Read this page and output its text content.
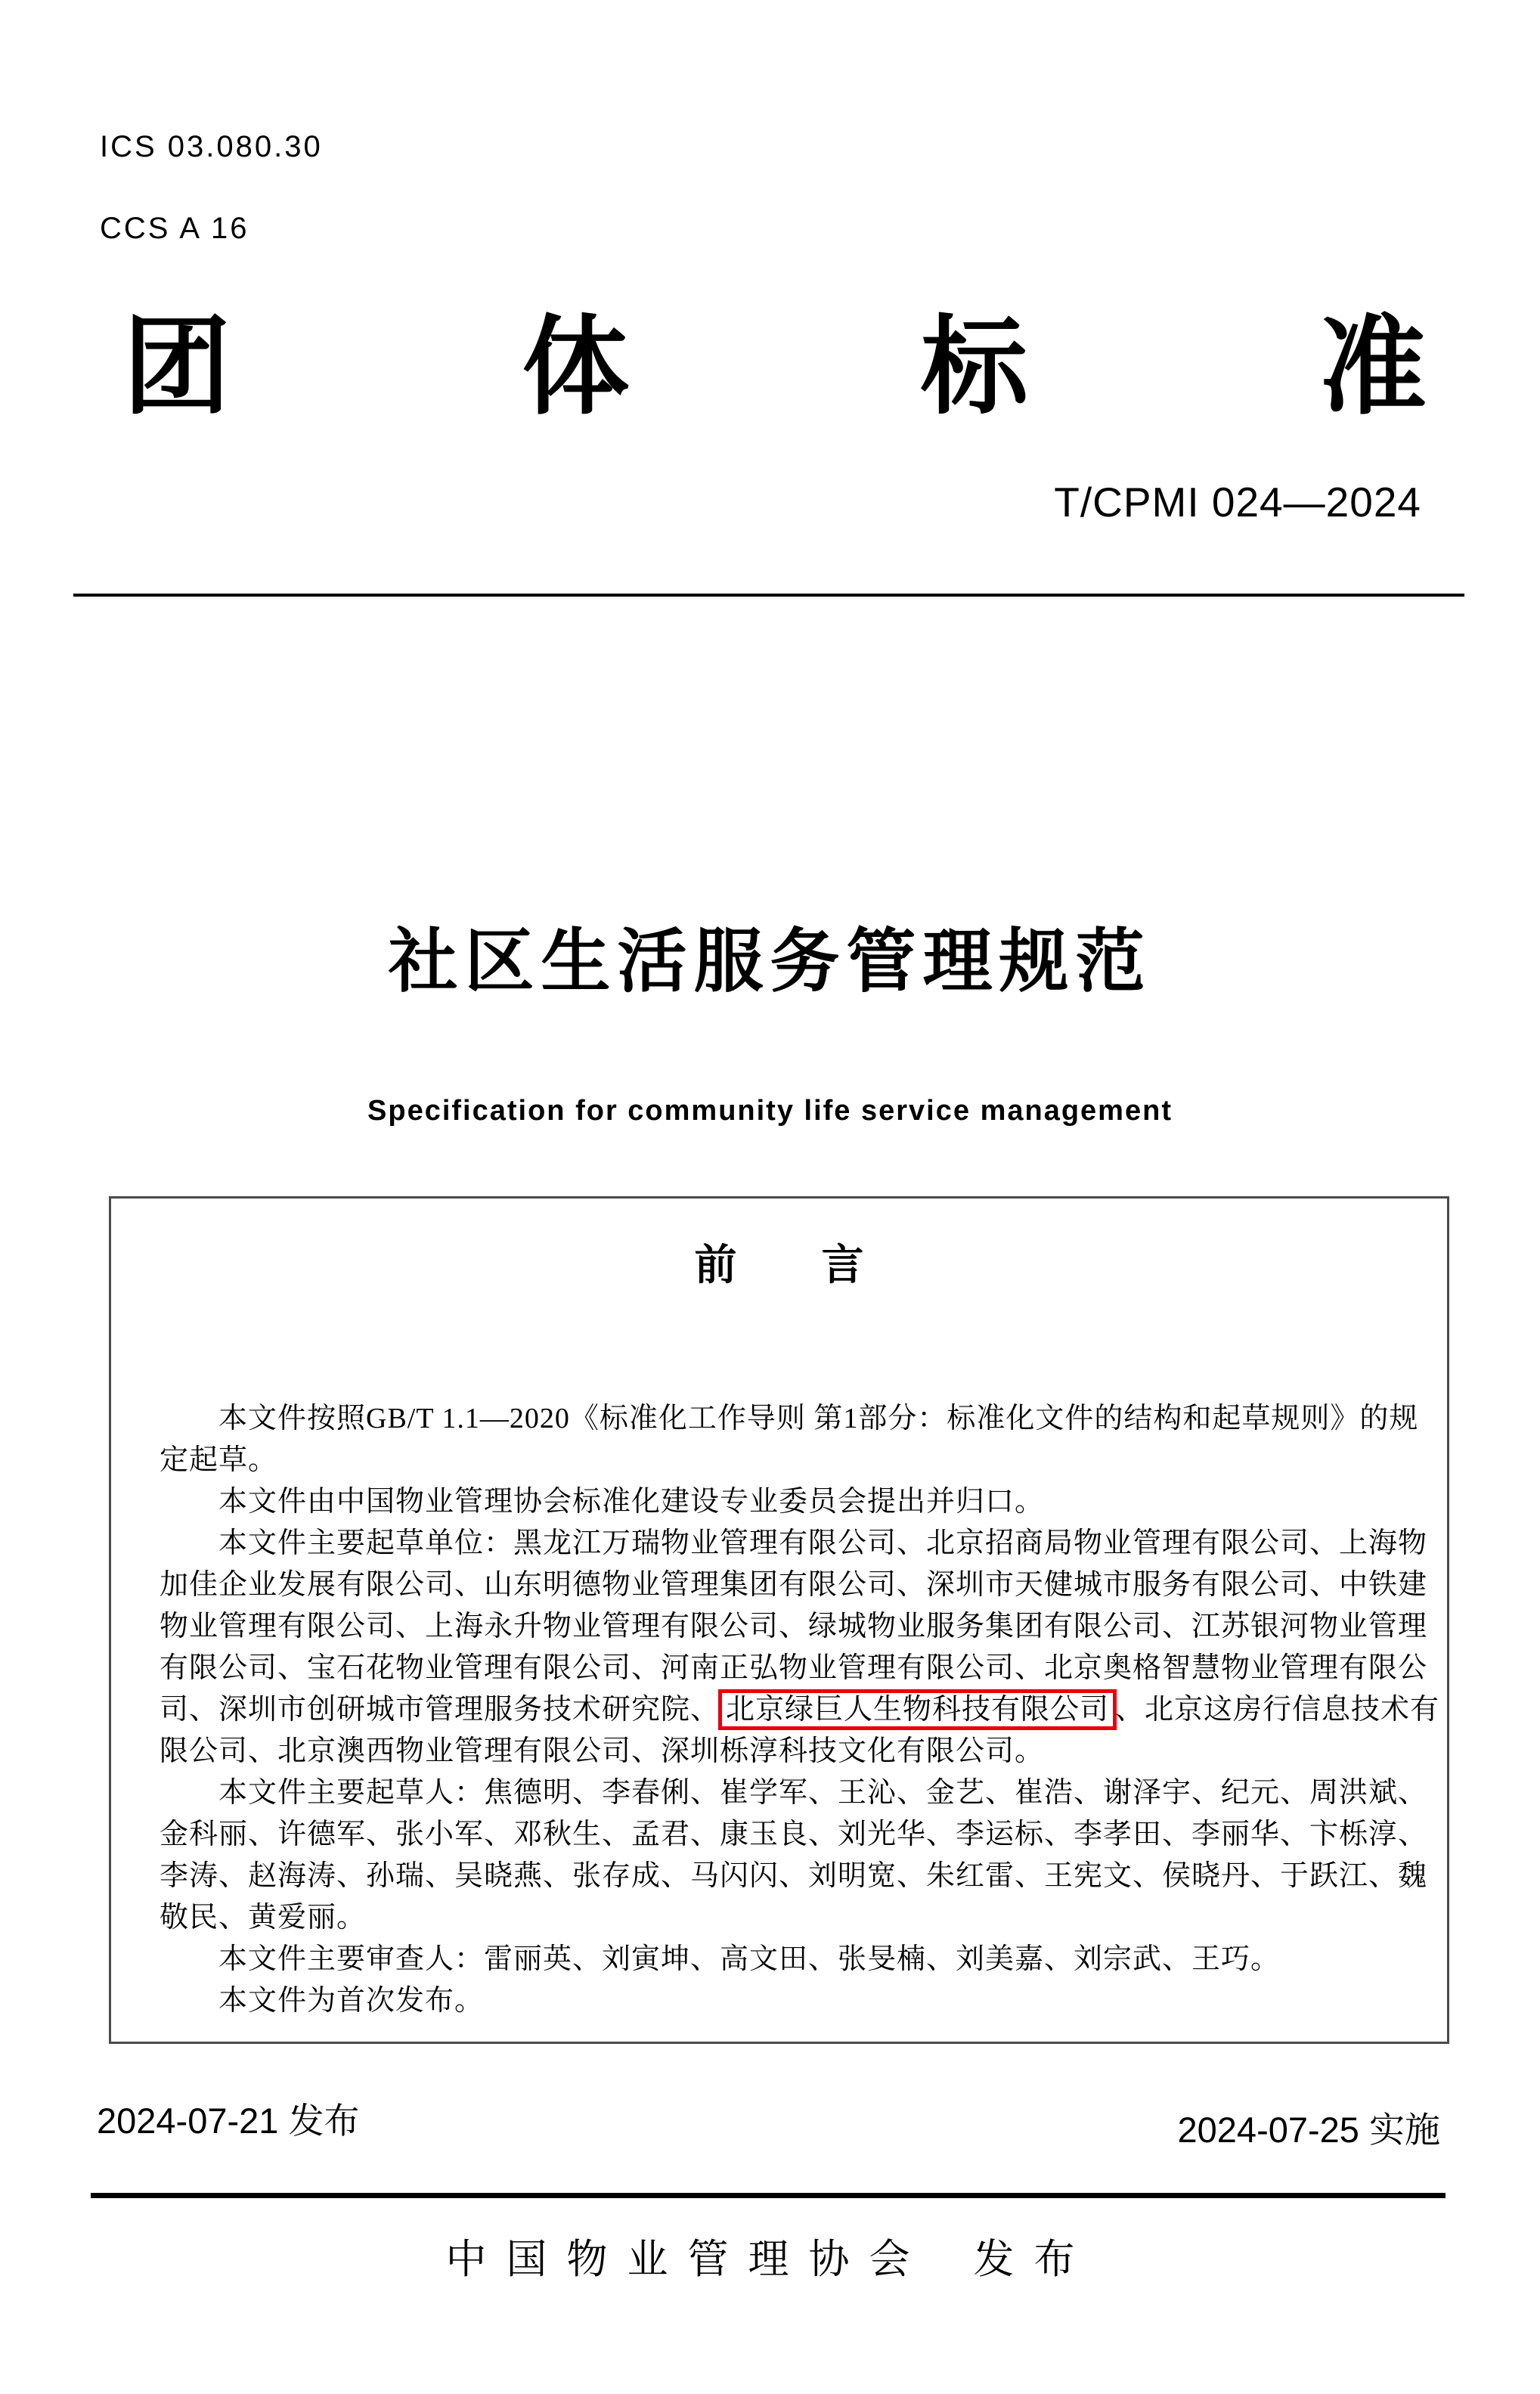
ICS 03.080.30
CCS A 16
团	体	标	准
T/CPMI 024—2024
社区生活服务管理规范
Specification for community life service management
前　　言
本文件按照GB/T 1.1—2020《标准化工作导则 第1部分：标准化文件的结构和起草规则》的规
定起草。
本文件由中国物业管理协会标准化建设专业委员会提出并归口。
本文件主要起草单位：黑龙江万瑞物业管理有限公司、北京招商局物业管理有限公司、上海物
加佳企业发展有限公司、山东明德物业管理集团有限公司、深圳市天健城市服务有限公司、中铁建
物业管理有限公司、上海永升物业管理有限公司、绿城物业服务集团有限公司、江苏银河物业管理
有限公司、宝石花物业管理有限公司、河南正弘物业管理有限公司、北京奥格智慧物业管理有限公
司、深圳市创研城市管理服务技术研究院、 北京绿巨人生物科技有限公司 、北京这房行信息技术有
限公司、北京澳西物业管理有限公司、深圳栎淳科技文化有限公司。
本文件主要起草人：焦德明、李春俐、崔学军、王沁、金艺、崔浩、谢泽宇、纪元、周洪斌、
金科丽、许德军、张小军、邓秋生、孟君、康玉良、刘光华、李运标、李孝田、李丽华、卞栎淳、
李涛、赵海涛、孙瑞、吴晓燕、张存成、马闪闪、刘明宽、朱红雷、王宪文、侯晓丹、于跃江、魏
敬民、黄爱丽。
本文件主要审查人：雷丽英、刘寅坤、高文田、张旻楠、刘美嘉、刘宗武、王巧。
本文件为首次发布。
2024-07-21 发布	2024-07-25 实施
中国物业管理协会 发布
